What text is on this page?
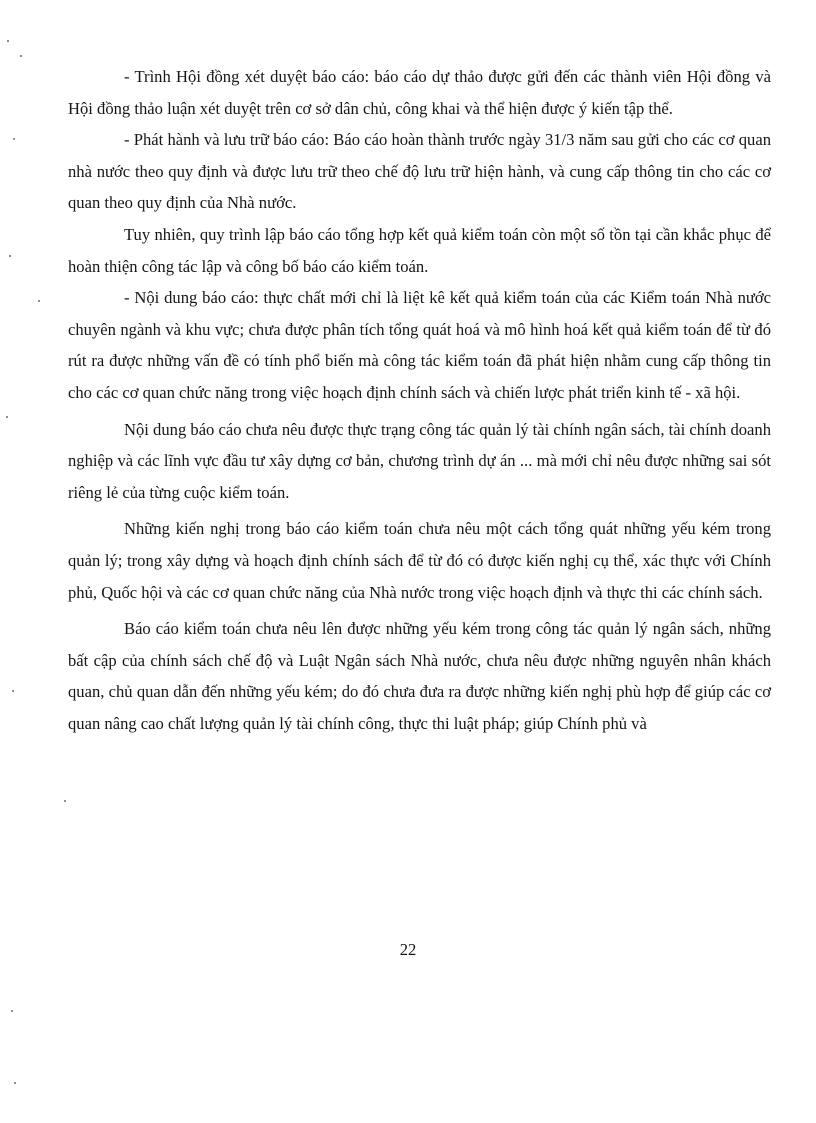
- Trình Hội đồng xét duyệt báo cáo: báo cáo dự thảo được gửi đến các thành viên Hội đồng và Hội đồng thảo luận xét duyệt trên cơ sở dân chủ, công khai và thể hiện được ý kiến tập thể.

- Phát hành và lưu trữ báo cáo: Báo cáo hoàn thành trước ngày 31/3 năm sau gửi cho các cơ quan nhà nước theo quy định và được lưu trữ theo chế độ lưu trữ hiện hành, và cung cấp thông tin cho các cơ quan theo quy định của Nhà nước.

Tuy nhiên, quy trình lập báo cáo tổng hợp kết quả kiểm toán còn một số tồn tại cần khắc phục để hoàn thiện công tác lập và công bố báo cáo kiểm toán.

- Nội dung báo cáo: thực chất mới chỉ là liệt kê kết quả kiểm toán của các Kiểm toán Nhà nước chuyên ngành và khu vực; chưa được phân tích tổng quát hoá và mô hình hoá kết quả kiểm toán để từ đó rút ra được những vấn đề có tính phổ biến mà công tác kiểm toán đã phát hiện nhằm cung cấp thông tin cho các cơ quan chức năng trong việc hoạch định chính sách và chiến lược phát triển kinh tế - xã hội.

Nội dung báo cáo chưa nêu được thực trạng công tác quản lý tài chính ngân sách, tài chính doanh nghiệp và các lĩnh vực đầu tư xây dựng cơ bản, chương trình dự án ... mà mới chỉ nêu được những sai sót riêng lẻ của từng cuộc kiểm toán.

Những kiến nghị trong báo cáo kiểm toán chưa nêu một cách tổng quát những yếu kém trong quản lý; trong xây dựng và hoạch định chính sách để từ đó có được kiến nghị cụ thể, xác thực với Chính phủ, Quốc hội và các cơ quan chức năng của Nhà nước trong việc hoạch định và thực thi các chính sách.

Báo cáo kiểm toán chưa nêu lên được những yếu kém trong công tác quản lý ngân sách, những bất cập của chính sách chế độ và Luật Ngân sách Nhà nước, chưa nêu được những nguyên nhân khách quan, chủ quan dẫn đến những yếu kém; do đó chưa đưa ra được những kiến nghị phù hợp để giúp các cơ quan nâng cao chất lượng quản lý tài chính công, thực thi luật pháp; giúp Chính phủ và

22
